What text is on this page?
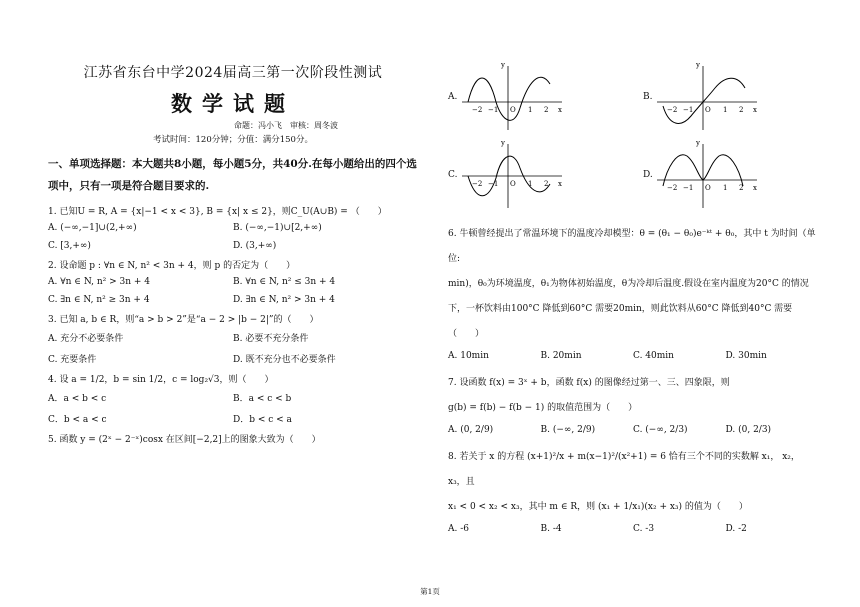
江苏省东台中学2024届高三第一次阶段性测试
数学试题
命题：冯小飞　审核：周冬波
考试时间：120分钟；分值：满分150分。
一、单项选择题：本大题共8小题，每小题5分，共40分.在每小题给出的四个选
项中，只有一项是符合题目要求的.
1. 已知U = R, A = {x|−1 < x < 3}, B = {x| x ≤ 2}，则C_U(A∪B) = （　　）
A. (−∞,−1]∪(2,+∞)	B. (−∞,−1)∪[2,+∞)
C. [3,+∞)	D. (3,+∞)
2. 设命题 p : ∀n ∈ N, n² < 3n + 4，则 p 的否定为（　　）
A. ∀n ∈ N, n² > 3n + 4	B. ∀n ∈ N, n² ≤ 3n + 4
C. ∃n ∈ N, n² ≥ 3n + 4	D. ∃n ∈ N, n² > 3n + 4
3. 已知 a, b ∈ R，则“a > b > 2”是“a − 2 > |b − 2|”的（　　）
A. 充分不必要条件	B. 必要不充分条件
C. 充要条件	D. 既不充分也不必要条件
4. 设 a = 1/2，b = sin 1/2，c = log₂√3，则（　　）
A．a < b < c	B．a < c < b
C．b < a < c	D．b < c < a
5. 函数 y = (2ˣ − 2⁻ˣ)cosx 在区间[−2,2]上的图象大致为（　　）
A.
y
x
−2 −1 O 1 2
B.
y
x
−2 −1 O 1 2
C.
y
x
−2 −1 O 1 2
D.
y
x
−2 −1 O 1 2
6. 牛顿曾经提出了常温环境下的温度冷却模型：θ = (θ₁ − θ₀)e⁻ᵏᵗ + θ₀，其中 t 为时间（单位:
min)，θ₀为环境温度，θ₁为物体初始温度，θ为冷却后温度.假设在室内温度为20°C 的情况
下，一杯饮料由100°C 降低到60°C 需要20min，则此饮料从60°C 降低到40°C 需要（　　）
A. 10min	B. 20min	C. 40min	D. 30min
7. 设函数 f(x) = 3ˣ + b，函数 f(x) 的图像经过第一、三、四象限，则
g(b) = f(b) − f(b − 1) 的取值范围为（　　）
A. (0, 2/9)	B. (−∞, 2/9)	C. (−∞, 2/3)	D. (0, 2/3)
8. 若关于 x 的方程 (x+1)²/x + m(x−1)²/(x²+1) = 6 恰有三个不同的实数解 x₁， x₂， x₃，且
x₁ < 0 < x₂ < x₃，其中 m ∈ R，则 (x₁ + 1/x₁)(x₂ + x₃) 的值为（　　）
A. -6	B. -4	C. -3	D. -2
第1页
